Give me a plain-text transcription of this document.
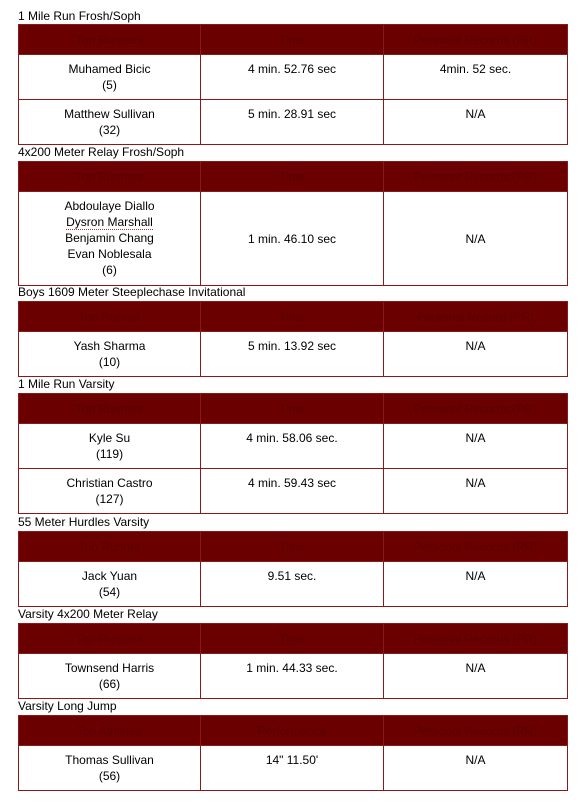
1 Mile Run Frosh/Soph
Top Runners	Time	Personal Records (PR)

Muhamed Bicic
(5)	4 min. 52.76 sec	4min. 52 sec.

Matthew Sullivan
(32)	5 min. 28.91 sec	N/A
4x200 Meter Relay Frosh/Soph
Top Runners	Time	Personal Records (PR)

Abdoulaye Diallo
Dysron Marshall
Benjamin Chang
Evan Noblesala
(6)	1 min. 46.10 sec	N/A
Boys 1609 Meter Steeplechase Invitational
Top Runner	Time	Personal Record (PR)

Yash Sharma
(10)	5 min. 13.92 sec	N/A
1 Mile Run Varsity
Top Runners	Time	Personal Records (PR)

Kyle Su
(119)	4 min. 58.06 sec.	N/A

Christian Castro
(127)	4 min. 59.43 sec	N/A
55 Meter Hurdles Varsity
Top Runner	Time	Personal Records (PR)

Jack Yuan
(54)	9.51 sec.	N/A
Varsity 4x200 Meter Relay
Top Runners	Time	Personal Records (PR)

Townsend Harris
(66)	1 min. 44.33 sec.	N/A
Varsity Long Jump
Top Athletes	Performance	Personal Records (PR)

Thomas Sullivan
(56)	14" 11.50'	N/A
